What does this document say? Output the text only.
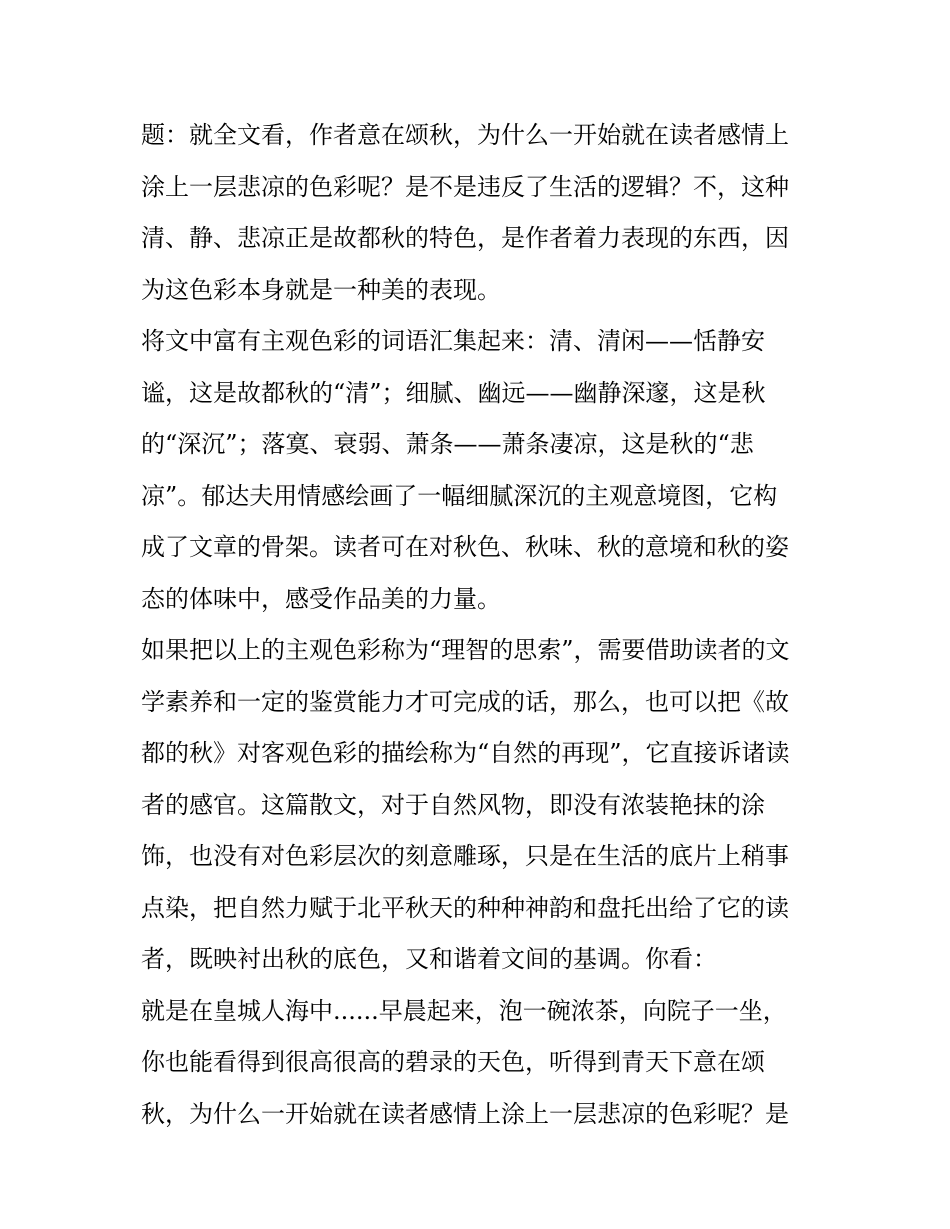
题：就全文看，作者意在颂秋，为什么一开始就在读者感情上
涂上一层悲凉的色彩呢？是不是违反了生活的逻辑？不，这种
清、静、悲凉正是故都秋的特色，是作者着力表现的东西，因
为这色彩本身就是一种美的表现。
将文中富有主观色彩的词语汇集起来：清、清闲——恬静安
谧，这是故都秋的“清”；细腻、幽远——幽静深邃，这是秋
的“深沉”；落寞、衰弱、萧条——萧条凄凉，这是秋的“悲
凉”。郁达夫用情感绘画了一幅细腻深沉的主观意境图，它构
成了文章的骨架。读者可在对秋色、秋味、秋的意境和秋的姿
态的体味中，感受作品美的力量。
如果把以上的主观色彩称为“理智的思索”，需要借助读者的文
学素养和一定的鉴赏能力才可完成的话，那么，也可以把《故
都的秋》对客观色彩的描绘称为“自然的再现”，它直接诉诸读
者的感官。这篇散文，对于自然风物，即没有浓装艳抹的涂
饰，也没有对色彩层次的刻意雕琢，只是在生活的底片上稍事
点染，把自然力赋于北平秋天的种种神韵和盘托出给了它的读
者，既映衬出秋的底色，又和谐着文间的基调。你看：
就是在皇城人海中......早晨起来，泡一碗浓茶，向院子一坐，
你也能看得到很高很高的碧录的天色，听得到青天下意在颂
秋，为什么一开始就在读者感情上涂上一层悲凉的色彩呢？是
